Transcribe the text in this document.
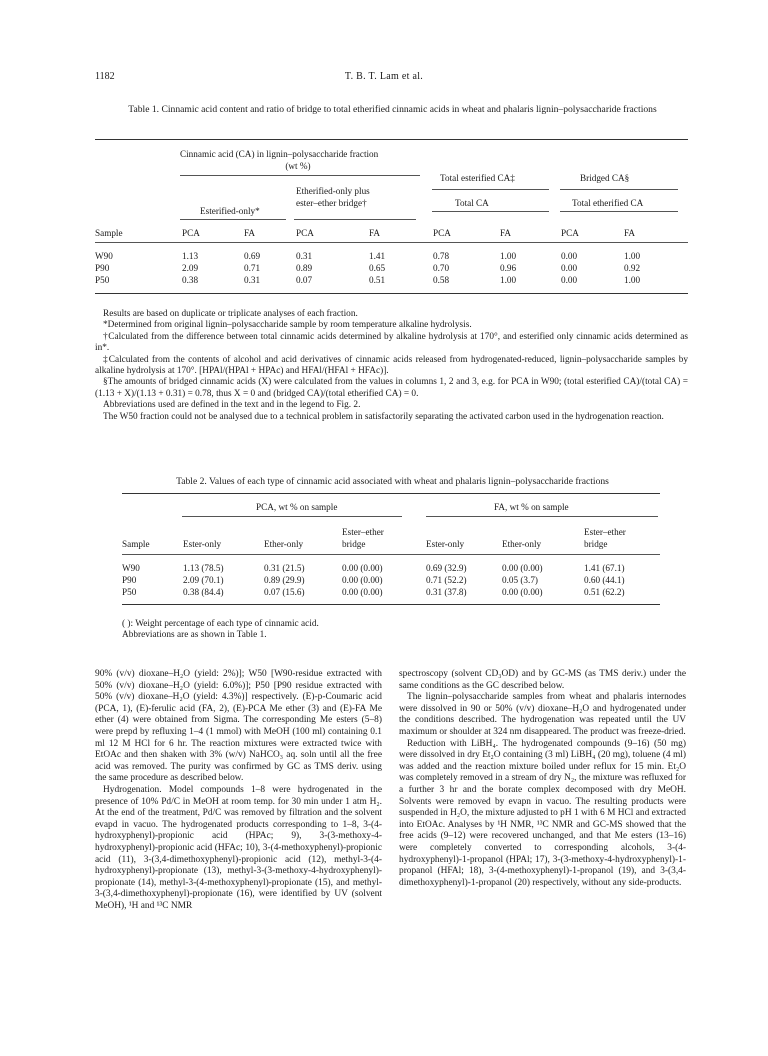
1182	T. B. T. Lam et al.
Table 1. Cinnamic acid content and ratio of bridge to total etherified cinnamic acids in wheat and phalaris lignin–polysaccharide fractions
Cinnamic acid (CA) in lignin–polysaccharide fraction
(wt %)
Total esterified CA‡	Bridged CA§
Etherified-only plus
Esterified-only*
ester–ether bridge†	Total CA	Total etherified CA
Sample	PCA	FA	PCA	FA	PCA	FA	PCA	FA
W90	1.13	0.69	0.31	1.41	0.78	1.00	0.00	1.00
P90	2.09	0.71	0.89	0.65	0.70	0.96	0.00	0.92
P50	0.38	0.31	0.07	0.51	0.58	1.00	0.00	1.00

Results are based on duplicate or triplicate analyses of each fraction.

*Determined from original lignin–polysaccharide sample by room temperature alkaline hydrolysis.

†Calculated from the difference between total cinnamic acids determined by alkaline hydrolysis at 170°, and esterified only cinnamic acids determined as in*.

‡Calculated from the contents of alcohol and acid derivatives of cinnamic acids released from hydrogenated-reduced, lignin–polysaccharide samples by alkaline hydrolysis at 170°. [HPAl/(HPAl + HPAc) and HFAl/(HFAl + HFAc)].

§The amounts of bridged cinnamic acids (X) were calculated from the values in columns 1, 2 and 3, e.g. for PCA in W90; (total esterified CA)/(total CA) = (1.13 + X)/(1.13 + 0.31) = 0.78, thus X = 0 and (bridged CA)/(total etherified CA) = 0.

Abbreviations used are defined in the text and in the legend to Fig. 2.

The W50 fraction could not be analysed due to a technical problem in satisfactorily separating the activated carbon used in the hydrogenation reaction.

Table 2. Values of each type of cinnamic acid associated with wheat and phalaris lignin–polysaccharide fractions
PCA, wt % on sample	FA, wt % on sample
Ester–ether	Ester–ether
Sample	Ester-only	Ether-only	bridge	Ester-only	Ether-only	bridge
W90	1.13 (78.5)	0.31 (21.5)	0.00 (0.00)	0.69 (32.9)	0.00 (0.00)	1.41 (67.1)
P90	2.09 (70.1)	0.89 (29.9)	0.00 (0.00)	0.71 (52.2)	0.05 (3.7)	0.60 (44.1)
P50	0.38 (84.4)	0.07 (15.6)	0.00 (0.00)	0.31 (37.8)	0.00 (0.00)	0.51 (62.2)

( ): Weight percentage of each type of cinnamic acid.

Abbreviations are as shown in Table 1.

90% (v/v) dioxane–H₂O (yield: 2%)]; W50 [W90-residue extracted with 50% (v/v) dioxane–H₂O (yield: 6.0%)]; P50 [P90 residue extracted with 50% (v/v) dioxane–H₂O (yield: 4.3%)] respectively. (E)-p-Coumaric acid (PCA, 1), (E)-ferulic acid (FA, 2), (E)-PCA Me ether (3) and (E)-FA Me ether (4) were obtained from Sigma. The corresponding Me esters (5–8) were prepd by refluxing 1–4 (1 mmol) with MeOH (100 ml) containing 0.1 ml 12 M HCl for 6 hr. The reaction mixtures were extracted twice with EtOAc and then shaken with 3% (w/v) NaHCO₃ aq. soln until all the free acid was removed. The purity was confirmed by GC as TMS deriv. using the same procedure as described below.

Hydrogenation. Model compounds 1–8 were hydrogenated in the presence of 10% Pd/C in MeOH at room temp. for 30 min under 1 atm H₂. At the end of the treatment, Pd/C was removed by filtration and the solvent evapd in vacuo. The hydrogenated products corresponding to 1–8, 3-(4-hydroxyphenyl)-propionic acid (HPAc; 9), 3-(3-methoxy-4-hydroxyphenyl)-propionic acid (HFAc; 10), 3-(4-methoxyphenyl)-propionic acid (11), 3-(3,4-dimethoxyphenyl)-propionic acid (12), methyl-3-(4-hydroxyphenyl)-propionate (13), methyl-3-(3-methoxy-4-hydroxyphenyl)-propionate (14), methyl-3-(4-methoxyphenyl)-propionate (15), and methyl-3-(3,4-dimethoxyphenyl)-propionate (16), were identified by UV (solvent MeOH), ¹H and ¹³C NMR

spectroscopy (solvent CD₃OD) and by GC-MS (as TMS deriv.) under the same conditions as the GC described below.

The lignin–polysaccharide samples from wheat and phalaris internodes were dissolved in 90 or 50% (v/v) dioxane–H₂O and hydrogenated under the conditions described. The hydrogenation was repeated until the UV maximum or shoulder at 324 nm disappeared. The product was freeze-dried.

Reduction with LiBH₄. The hydrogenated compounds (9–16) (50 mg) were dissolved in dry Et₂O containing (3 ml) LiBH₄ (20 mg), toluene (4 ml) was added and the reaction mixture boiled under reflux for 15 min. Et₂O was completely removed in a stream of dry N₂, the mixture was refluxed for a further 3 hr and the borate complex decomposed with dry MeOH. Solvents were removed by evapn in vacuo. The resulting products were suspended in H₂O, the mixture adjusted to pH 1 with 6 M HCl and extracted into EtOAc. Analyses by ¹H NMR, ¹³C NMR and GC-MS showed that the free acids (9–12) were recovered unchanged, and that Me esters (13–16) were completely converted to corresponding alcohols, 3-(4-hydroxyphenyl)-1-propanol (HPAl; 17), 3-(3-methoxy-4-hydroxyphenyl)-1-propanol (HFAl; 18), 3-(4-methoxyphenyl)-1-propanol (19), and 3-(3,4-dimethoxyphenyl)-1-propanol (20) respectively, without any side-products.
